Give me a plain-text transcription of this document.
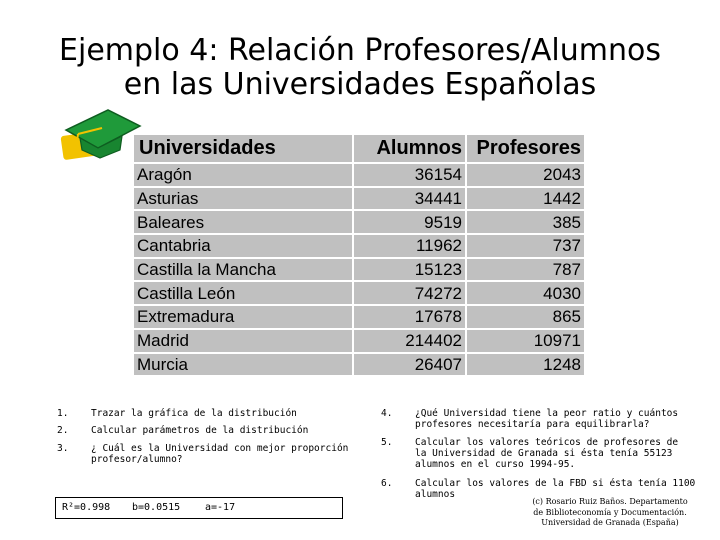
Ejemplo 4: Relación Profesores/Alumnos
en las Universidades Españolas
Universidades	Alumnos	Profesores
Aragón	36154	2043
Asturias	34441	1442
Baleares	9519	385
Cantabria	11962	737
Castilla la Mancha	15123	787
Castilla León	74272	4030
Extremadura	17678	865
Madrid	214402	10971
Murcia	26407	1248
1. Trazar la gráfica de la distribución
2. Calcular parámetros de la distribución
3. ¿ Cuál es la Universidad con mejor proporción profesor/alumno?
4. ¿Qué Universidad tiene la peor ratio y cuántos profesores necesitaría para equilibrarla?
5. Calcular los valores teóricos de profesores de la Universidad de Granada si ésta tenía 55123 alumnos en el curso 1994-95.
6. Calcular los valores de la FBD si ésta tenía 1100 alumnos
R²=0.998 b=0.0515 a=-17
(c) Rosario Ruiz Baños. Departamento
de Biblioteconomía y Documentación.
Universidad de Granada (España)
